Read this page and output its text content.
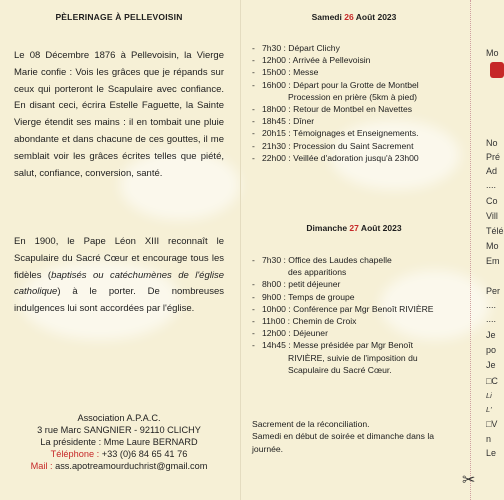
PÈLERINAGE À PELLEVOISIN
Le 08 Décembre 1876 à Pellevoisin, la Vierge Marie confie : Vois les grâces que je répands sur ceux qui porteront le Scapulaire avec confiance. En disant ceci, écrira Estelle Faguette, la Sainte Vierge étendit ses mains : il en tombait une pluie abondante et dans chacune de ces gouttes, il me semblait voir les grâces écrites telles que piété, salut, confiance, conversion, santé.
En 1900, le Pape Léon XIII reconnaît le Scapulaire du Sacré Cœur et encourage tous les fidèles (baptisés ou catéchumènes de l'église catholique) à le porter. De nombreuses indulgences lui sont accordées par l'église.
Association A.P.A.C.
3 rue Marc SANGNIER - 92110 CLICHY
La présidente : Mme Laure BERNARD
Téléphone : +33 (0)6 84 65 41 76
Mail : ass.apotreamourduchrist@gmail.com
Samedi 26 Août 2023
- 7h30 : Départ Clichy
- 12h00 : Arrivée à Pellevoisin
- 15h00 : Messe
- 16h00 : Départ pour la Grotte de Montbel
Procession en prière (5km à pied)
- 18h00 : Retour de Montbel en Navettes
- 18h45 : Dîner
- 20h15 : Témoignages et Enseignements.
- 21h30 : Procession du Saint Sacrement
- 22h00 : Veillée d'adoration jusqu'à 23h00
Dimanche 27 Août 2023
- 7h30 : Office des Laudes chapelle
des apparitions
- 8h00 : petit déjeuner
- 9h00 : Temps de groupe
- 10h00 : Conférence par Mgr Benoît RIVIÈRE
- 11h00 : Chemin de Croix
- 12h00 : Déjeuner
- 14h45 : Messe présidée par Mgr Benoît
RIVIÈRE, suivie de l'imposition du
Scapulaire du Sacré Cœur.
Sacrement de la réconciliation.
Samedi en début de soirée et dimanche dans la journée.
Mo
No
Pré
Ad
....
Co
Vill
Télé
Mo
Em
Per
....
....
Je
po
Je
□C
Li
L'
□V
n
Le
✂
